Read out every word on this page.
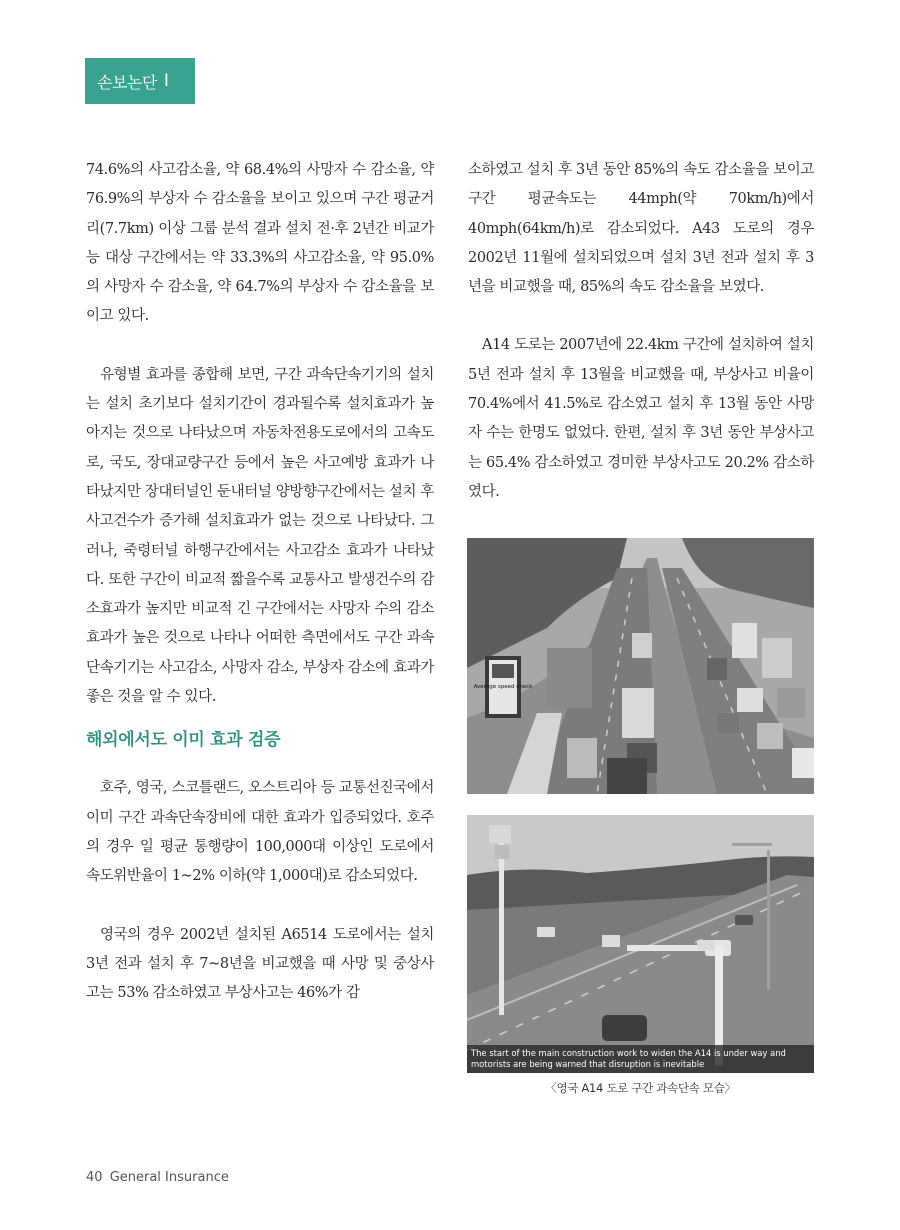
손보논단 I

74.6%의 사고감소율, 약 68.4%의 사망자 수 감소율, 약 76.9%의 부상자 수 감소율을 보이고 있으며 구간 평균거리(7.7km) 이상 그룹 분석 결과 설치 전·후 2년간 비교가능 대상 구간에서는 약 33.3%의 사고감소율, 약 95.0%의 사망자 수 감소율, 약 64.7%의 부상자 수 감소율을 보이고 있다.

유형별 효과를 종합해 보면, 구간 과속단속기기의 설치는 설치 초기보다 설치기간이 경과될수록 설치효과가 높아지는 것으로 나타났으며 자동차전용도로에서의 고속도로, 국도, 장대교량구간 등에서 높은 사고예방 효과가 나타났지만 장대터널인 둔내터널 양방향구간에서는 설치 후 사고건수가 증가해 설치효과가 없는 것으로 나타났다. 그러나, 죽령터널 하행구간에서는 사고감소 효과가 나타났다. 또한 구간이 비교적 짧을수록 교통사고 발생건수의 감소효과가 높지만 비교적 긴 구간에서는 사망자 수의 감소효과가 높은 것으로 나타나 어떠한 측면에서도 구간 과속단속기기는 사고감소, 사망자 감소, 부상자 감소에 효과가 좋은 것을 알 수 있다.

해외에서도 이미 효과 검증

호주, 영국, 스코틀랜드, 오스트리아 등 교통선진국에서 이미 구간 과속단속장비에 대한 효과가 입증되었다. 호주의 경우 일 평균 통행량이 100,000대 이상인 도로에서 속도위반율이 1~2% 이하(약 1,000대)로 감소되었다.

영국의 경우 2002년 설치된 A6514 도로에서는 설치 3년 전과 설치 후 7~8년을 비교했을 때 사망 및 중상사고는 53% 감소하였고 부상사고는 46%가 감

소하였고 설치 후 3년 동안 85%의 속도 감소율을 보이고 구간 평균속도는 44mph(약 70km/h)에서 40mph(64km/h)로 감소되었다. A43 도로의 경우 2002년 11월에 설치되었으며 설치 3년 전과 설치 후 3년을 비교했을 때, 85%의 속도 감소율을 보였다.

A14 도로는 2007년에 22.4km 구간에 설치하여 설치 5년 전과 설치 후 13월을 비교했을 때, 부상사고 비율이 70.4%에서 41.5%로 감소였고 설치 후 13월 동안 사망자 수는 한명도 없었다. 한편, 설치 후 3년 동안 부상사고는 65.4% 감소하였고 경미한 부상사고도 20.2% 감소하였다.

Average speed check
The start of the main construction work to widen the A14 is under way and motorists are being warned that disruption is inevitable
〈영국 A14 도로 구간 과속단속 모습〉
40 General Insurance
